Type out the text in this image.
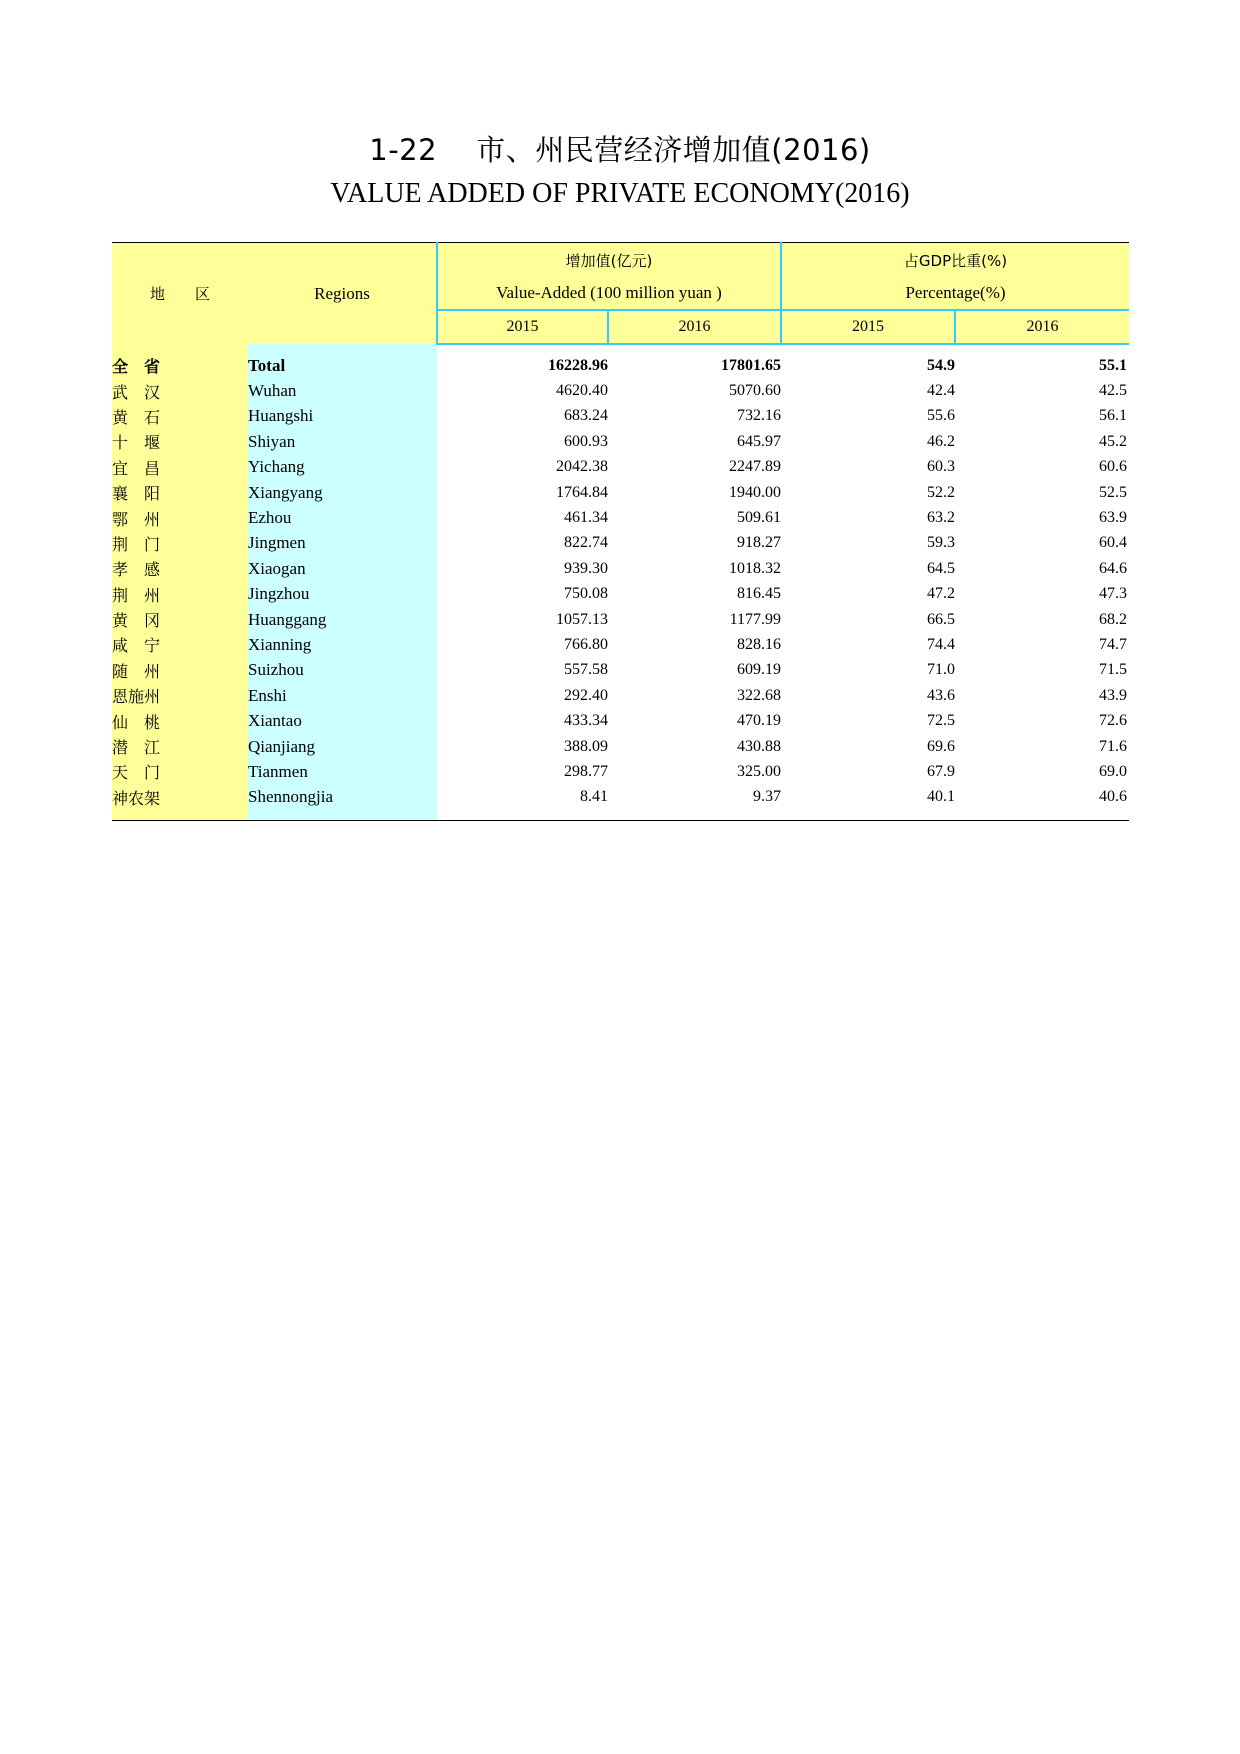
1-22　 市、州民营经济增加值(2016)
VALUE ADDED OF PRIVATE ECONOMY(2016)
地　　区	Regions	增加值(亿元)		占GDP比重(%)	
		Value-Added (100 million yuan )		Percentage(%)	
		2015	2016	2015	2016

全　省	Total	16228.96	17801.65	54.9	55.1
武　汉	Wuhan	4620.40	5070.60	42.4	42.5
黄　石	Huangshi	683.24	732.16	55.6	56.1
十　堰	Shiyan	600.93	645.97	46.2	45.2
宜　昌	Yichang	2042.38	2247.89	60.3	60.6
襄　阳	Xiangyang	1764.84	1940.00	52.2	52.5
鄂　州	Ezhou	461.34	509.61	63.2	63.9
荆　门	Jingmen	822.74	918.27	59.3	60.4
孝　感	Xiaogan	939.30	1018.32	64.5	64.6
荆　州	Jingzhou	750.08	816.45	47.2	47.3
黄　冈	Huanggang	1057.13	1177.99	66.5	68.2
咸　宁	Xianning	766.80	828.16	74.4	74.7
随　州	Suizhou	557.58	609.19	71.0	71.5
恩施州	Enshi	292.40	322.68	43.6	43.9
仙　桃	Xiantao	433.34	470.19	72.5	72.6
潜　江	Qianjiang	388.09	430.88	69.6	71.6
天　门	Tianmen	298.77	325.00	67.9	69.0
神农架	Shennongjia	8.41	9.37	40.1	40.6
